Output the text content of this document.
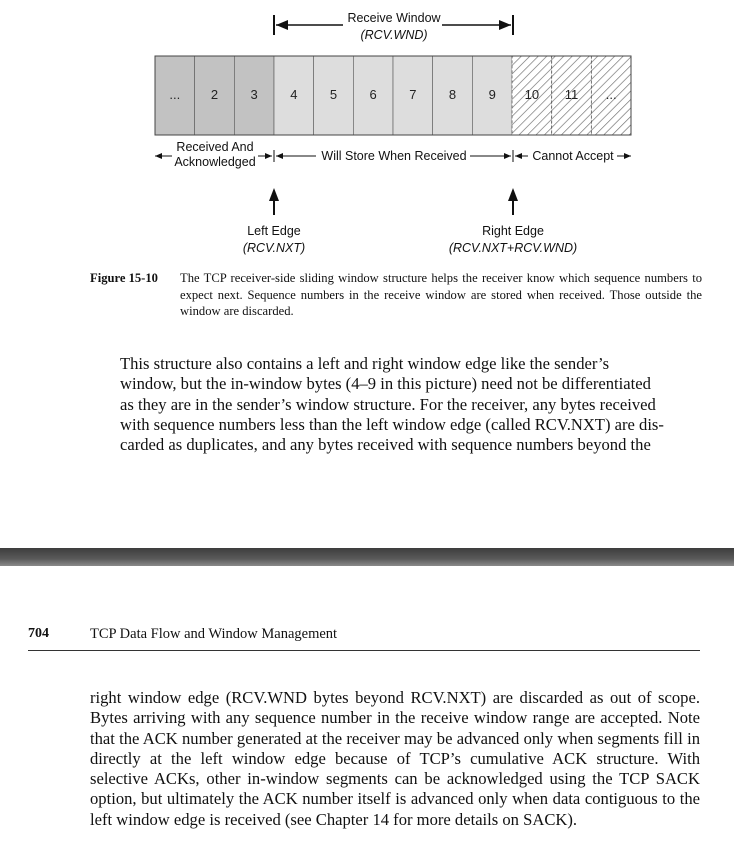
...	2	3	4	5	6	7	8	9	10	11	...
Receive Window
(RCV.WND)
Received And
Acknowledged	Will Store When Received	Cannot Accept
Left Edge
(RCV.NXT)
Right Edge
(RCV.NXT+RCV.WND)
Figure 15-10 The TCP receiver-side sliding window structure helps the receiver know which sequence numbers to expect next. Sequence numbers in the receive window are stored when received. Those outside the window are discarded.
This structure also contains a left and right window edge like the sender’s
window, but the in-window bytes (4–9 in this picture) need not be differentiated
as they are in the sender’s window structure. For the receiver, any bytes received
with sequence numbers less than the left window edge (called RCV.NXT) are dis-
carded as duplicates, and any bytes received with sequence numbers beyond the
704	TCP Data Flow and Window Management
right window edge (RCV.WND bytes beyond RCV.NXT) are discarded as out of scope. Bytes arriving with any sequence number in the receive window range are accepted. Note that the ACK number generated at the receiver may be advanced only when segments fill in directly at the left window edge because of TCP’s cumulative ACK structure. With selective ACKs, other in-window segments can be acknowledged using the TCP SACK option, but ultimately the ACK number itself is advanced only when data contiguous to the left window edge is received (see Chapter 14 for more details on SACK).
